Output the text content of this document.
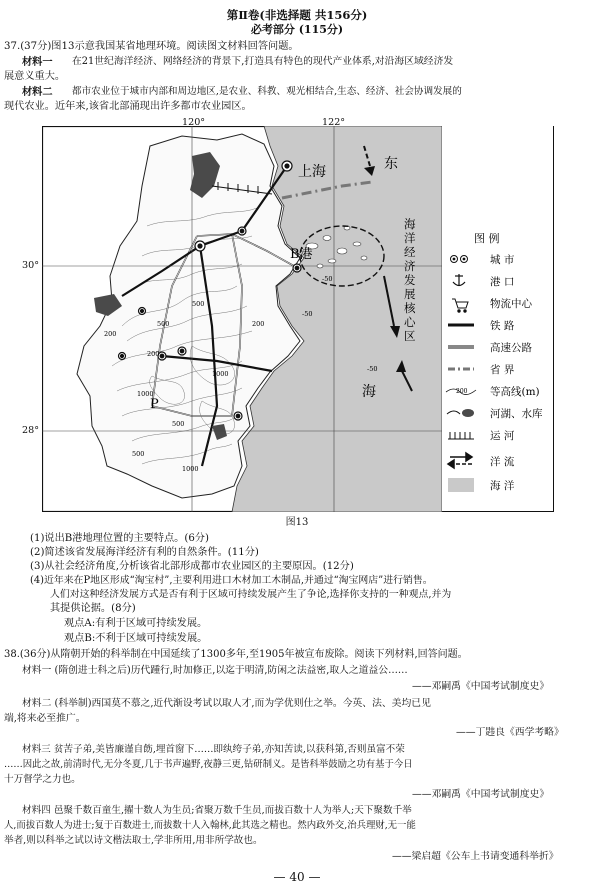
第Ⅱ卷(非选择题 共156分)
必考部分 (115分)
37.(37分)图13示意我国某省地理环境。阅读图文材料回答问题。
材料一 在21世纪海洋经济、网络经济的背景下,打造具有特色的现代产业体系,对沿海区域经济发
展意义重大。
材料二 都市农业位于城市内部和周边地区,是农业、科教、观光相结合,生态、经济、社会协调发展的
现代农业。近年来,该省北部涌现出许多都市农业园区。
上海	东
海
B港
P
200
500
1000
200
1000
500
500
-50
-50
-50
1000
200
500
海
洋
经
济
发
展
核
心
区
图 例
城 市
港 口
物流中心
铁 路
高速公路
省 界
200 等高线(m)
河湖、水库
运 河
洋 流
海 洋
120°	122°
30°
28°
图13
(1)说出B港地理位置的主要特点。(6分)
(2)简述该省发展海洋经济有利的自然条件。(11分)
(3)从社会经济角度,分析该省北部形成都市农业园区的主要原因。(12分)
(4)近年来在P地区形成“淘宝村”,主要利用进口木材加工木制品,并通过“淘宝网店”进行销售。
人们对这种经济发展方式是否有利于区域可持续发展产生了争论,选择你支持的一种观点,并为
其提供论据。(8分)
观点A:有利于区域可持续发展。
观点B:不利于区域可持续发展。
38.(36分)从隋朝开始的科举制在中国延续了1300多年,至1905年被宣布废除。阅读下列材料,回答问题。
材料一 (隋创进士科之后)历代踵行,时加修正,以迄于明清,防闲之法益密,取人之道益公……
——邓嗣禹《中国考试制度史》
材料二 (科举制)西国莫不慕之,近代渐设考试以取人才,而为学优则仕之举。今英、法、美均已见
端,将来必至推广。
——丁韪良《西学考略》
材料三 贫苦子弟,美皆廉谨自飭,埋首窗下……即纨绔子弟,亦知苦读,以获科第,否则虽富不荣
……因此之故,前清时代,无分冬夏,几于书声遍野,夜静三更,钻研制义。是皆科举鼓励之功有基于今日
十万督学之力也。
——邓嗣禹《中国考试制度史》
材料四 邑聚千数百童生,擢十数人为生员;省聚万数千生员,而拔百数十人为举人;天下聚数千举
人,而拔百数人为进士;复于百数进士,而拔数十人入翰林,此其选之精也。然内政外交,治兵理财,无一能
举者,则以科举之试以诗文楷法取士,学非所用,用非所学故也。
——梁启超《公车上书请变通科举折》
— 40 —
